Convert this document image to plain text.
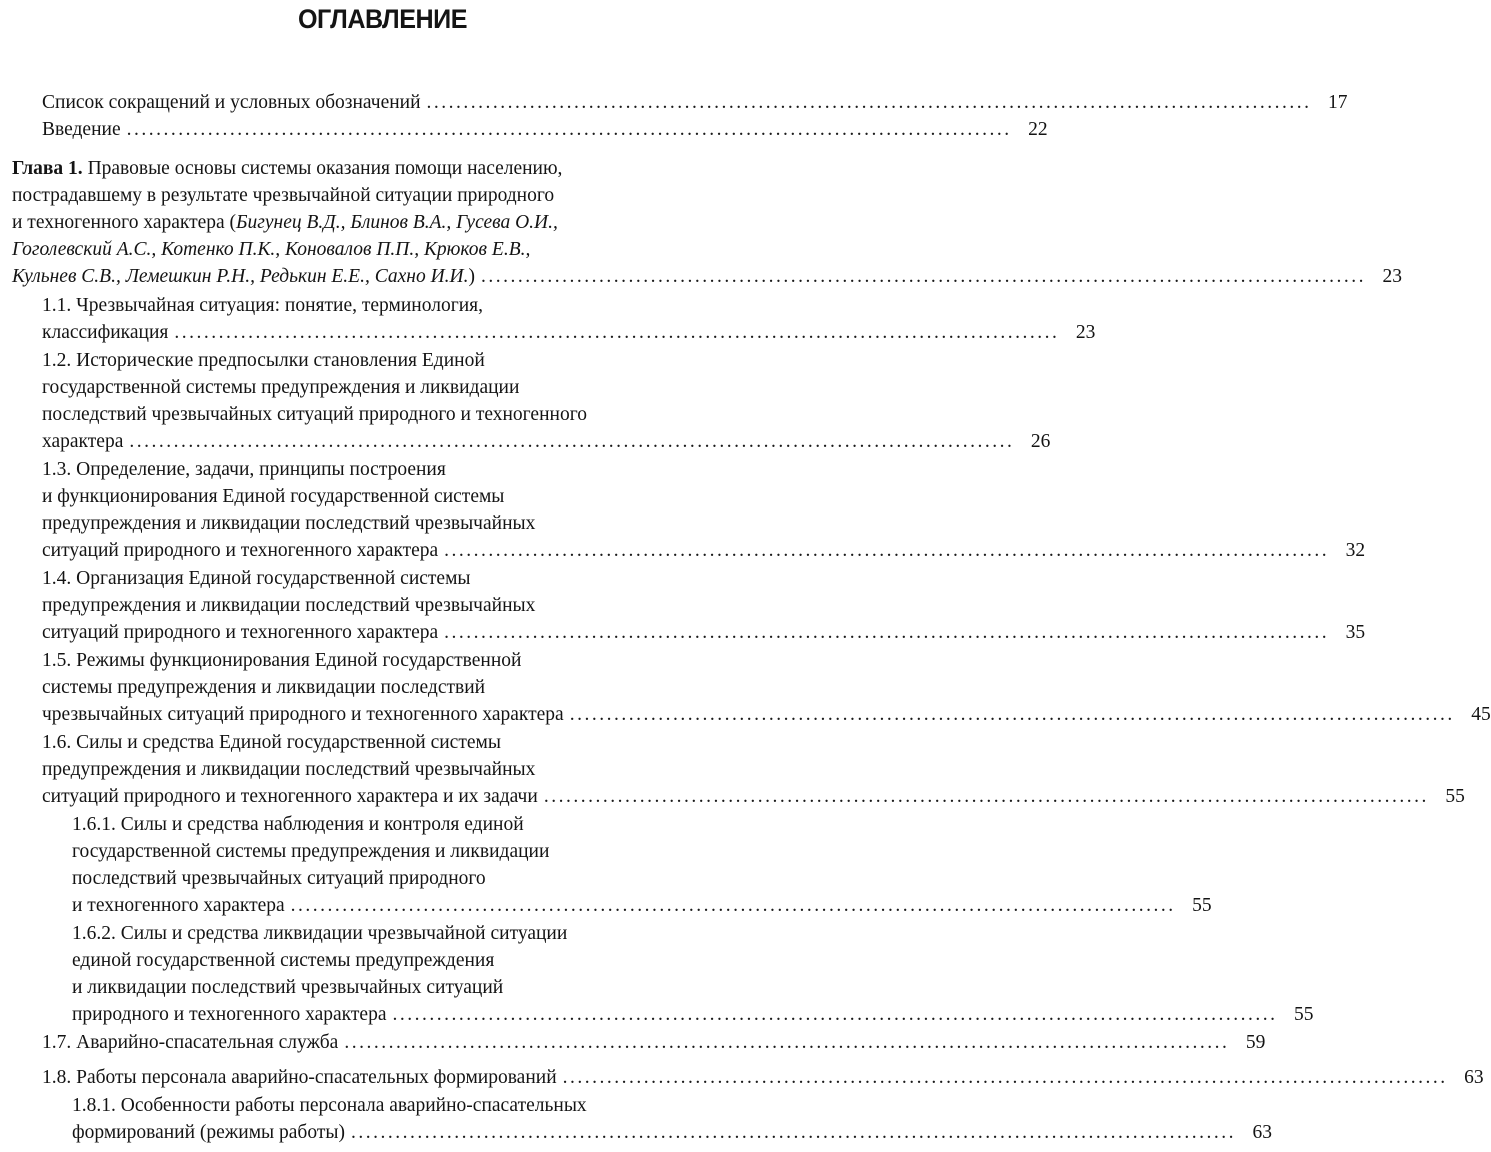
ОГЛАВЛЕНИЕ
Список сокращений и условных обозначений ........................................................................................................................ 17
Введение ........................................................................................................................ 22
Глава 1. Правовые основы системы оказания помощи населению,
пострадавшему в результате чрезвычайной ситуации природного
и техногенного характера (Бигунец В.Д., Блинов В.А., Гусева О.И.,
Гоголевский А.С., Котенко П.К., Коновалов П.П., Крюков Е.В.,
Кульнев С.В., Лемешкин Р.Н., Редькин Е.Е., Сахно И.И.) ........................................................................................................................ 23
1.1. Чрезвычайная ситуация: понятие, терминология,
классификация ........................................................................................................................ 23
1.2. Исторические предпосылки становления Единой
государственной системы предупреждения и ликвидации
последствий чрезвычайных ситуаций природного и техногенного
характера ........................................................................................................................ 26
1.3. Определение, задачи, принципы построения
и функционирования Единой государственной системы
предупреждения и ликвидации последствий чрезвычайных
ситуаций природного и техногенного характера ........................................................................................................................ 32
1.4. Организация Единой государственной системы
предупреждения и ликвидации последствий чрезвычайных
ситуаций природного и техногенного характера ........................................................................................................................ 35
1.5. Режимы функционирования Единой государственной
системы предупреждения и ликвидации последствий
чрезвычайных ситуаций природного и техногенного характера ........................................................................................................................ 45
1.6. Силы и средства Единой государственной системы
предупреждения и ликвидации последствий чрезвычайных
ситуаций природного и техногенного характера и их задачи ........................................................................................................................ 55
1.6.1. Силы и средства наблюдения и контроля единой
государственной системы предупреждения и ликвидации
последствий чрезвычайных ситуаций природного
и техногенного характера ........................................................................................................................ 55
1.6.2. Силы и средства ликвидации чрезвычайной ситуации
единой государственной системы предупреждения
и ликвидации последствий чрезвычайных ситуаций
природного и техногенного характера ........................................................................................................................ 55
1.7. Аварийно-спасательная служба ........................................................................................................................ 59
1.8. Работы персонала аварийно-спасательных формирований ........................................................................................................................ 63
1.8.1. Особенности работы персонала аварийно-спасательных
формирований (режимы работы) ........................................................................................................................ 63
